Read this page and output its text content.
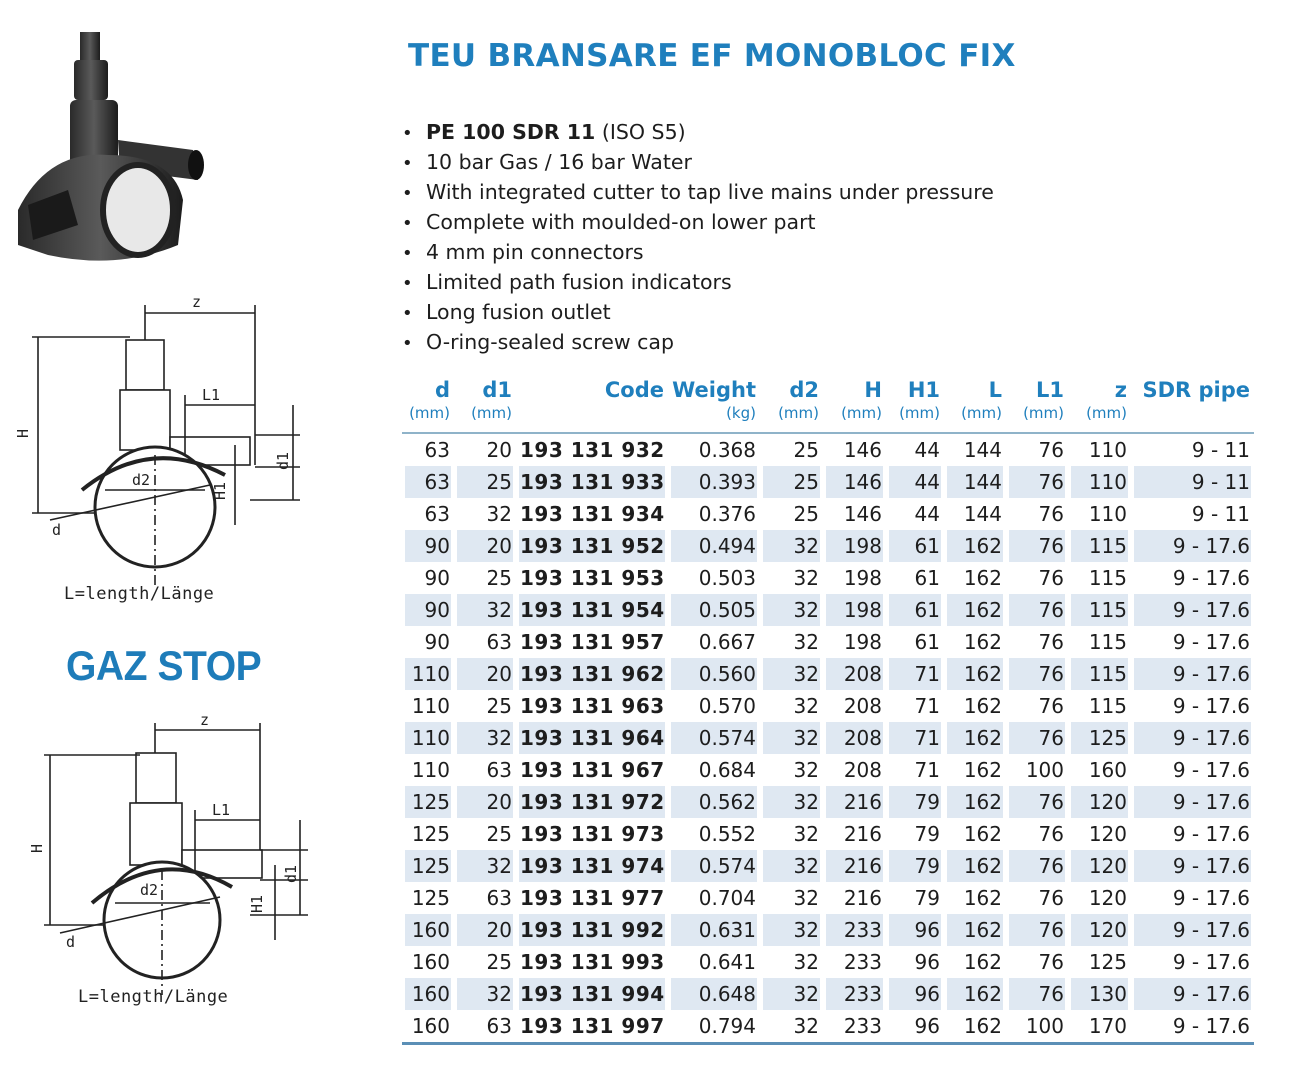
z
L1
H
H1
d1
d2
d
L=length/Länge
GAZ STOP
z
L1
H
H1
d1
d2
d
L=length/Länge
TEU BRANSARE EF MONOBLOC FIX
• PE 100 SDR 11 (ISO S5)
• 10 bar Gas / 16 bar Water
• With integrated cutter to tap live mains under pressure
• Complete with moulded-on lower part
• 4 mm pin connectors
• Limited path fusion indicators
• Long fusion outlet
• O-ring-sealed screw cap
d	d1	Code	Weight	d2	H	H1	L	L1	z	SDR pipe
(mm)	(mm)		(kg)	(mm)	(mm)	(mm)	(mm)	(mm)	(mm)	
63	20	193 131 932	0.368	25	146	44	144	76	110	9 - 11
63	25	193 131 933	0.393	25	146	44	144	76	110	9 - 11
63	32	193 131 934	0.376	25	146	44	144	76	110	9 - 11
90	20	193 131 952	0.494	32	198	61	162	76	115	9 - 17.6
90	25	193 131 953	0.503	32	198	61	162	76	115	9 - 17.6
90	32	193 131 954	0.505	32	198	61	162	76	115	9 - 17.6
90	63	193 131 957	0.667	32	198	61	162	76	115	9 - 17.6
110	20	193 131 962	0.560	32	208	71	162	76	115	9 - 17.6
110	25	193 131 963	0.570	32	208	71	162	76	115	9 - 17.6
110	32	193 131 964	0.574	32	208	71	162	76	125	9 - 17.6
110	63	193 131 967	0.684	32	208	71	162	100	160	9 - 17.6
125	20	193 131 972	0.562	32	216	79	162	76	120	9 - 17.6
125	25	193 131 973	0.552	32	216	79	162	76	120	9 - 17.6
125	32	193 131 974	0.574	32	216	79	162	76	120	9 - 17.6
125	63	193 131 977	0.704	32	216	79	162	76	120	9 - 17.6
160	20	193 131 992	0.631	32	233	96	162	76	120	9 - 17.6
160	25	193 131 993	0.641	32	233	96	162	76	125	9 - 17.6
160	32	193 131 994	0.648	32	233	96	162	76	130	9 - 17.6
160	63	193 131 997	0.794	32	233	96	162	100	170	9 - 17.6
